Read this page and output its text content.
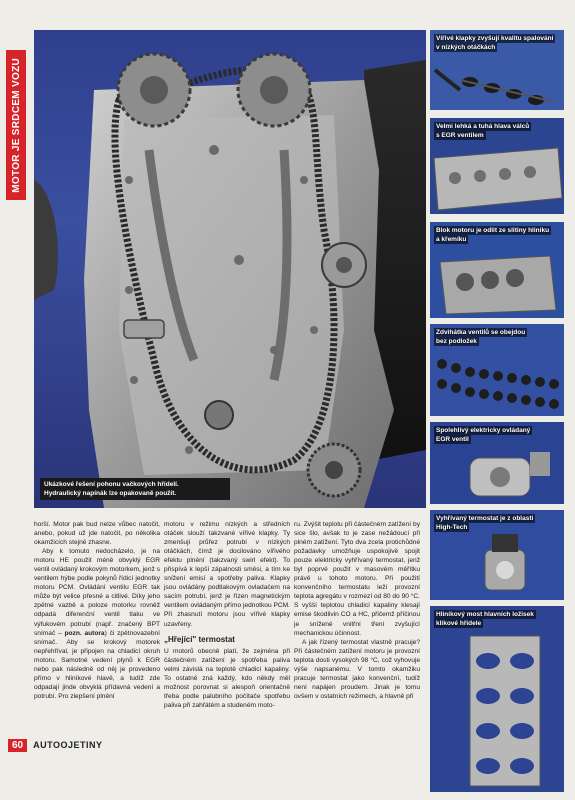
MOTOR JE SRDCEM VOZU
Ukázkové řešení pohonu vačkových hřídelí.
Hydraulický napínák lze opakovaně použít.
Vířivé klapky zvyšují kvalitu spalování
v nízkých otáčkách
Velmi lehká a tuhá hlava válců
s EGR ventilem
Blok motoru je odlit ze slitiny hliníku
a křemíku
Zdvihátka ventilů se obejdou
bez podložek
Spolehlivý elektricky ovládaný
EGR ventil
Vyhřívaný termostat je z oblasti
High-Tech
Hliníkový most hlavních ložisek
klikové hřídele

horší. Motor pak bud nelze vůbec natočit, anebo, pokud už jde natočit, po několika okamžicích stejně zhasne.

Aby k tomuto nedocházelo, je na motoru HE použit méně obvyklý EGR ventil ovládaný krokovým motorkem, jenž s ventilem hýbe podle pokynů řídicí jednotky motoru PCM. Ovládání ventilu EGR tak může být velice přesné a citlivé. Díky jeho zpětné vazbě a poloze motorku rovněž odpadá diferenční ventil tlaku ve výfukovém potrubí (např. značený BPT snímač – pozn. autora) či zpětnovazební snímač. Aby se krokový motorek nepřehříval, je připojen na chladicí okruh motoru. Samotné vedení plynů k EGR nebo pak následně od něj je provedeno přímo v hliníkové hlavě, a tudíž zde odpadají jinde obvyklá přídavná vedení a potrubí. Pro zlepšení plnění

motoru v režimu nízkých a středních otáček slouží takzvané vířivé klapky. Ty zmenšují průřez potrubí v nízkých otáčkách, čímž je docilováno vířivého efektu plnění (takzvaný swirl efekt). To přispívá k lepší zápalnosti směsi, a tím ke snížení emisí a spotřeby paliva. Klapky jsou ovládány podtlakovým ovladačem na sacím potrubí, jenž je řízen magnetickým ventilem ovládaným přímo jednotkou PCM. Při zhasnutí motoru jsou vířivé klapky uzavřeny.

„Hřející" termostat

U motorů obecně platí, že zejména při částečném zatížení je spotřeba paliva velmi závislá na teplotě chladicí kapaliny. To ostatně zná každý, kdo někdy měl možnost porovnat si alespoň orientačně třeba podle palubního počítače spotřebu paliva při zahřátém a studeném moto-

ru. Zvýšit teplotu při částečném zatížení by sice šlo, avšak to je zase nežádoucí při plném zatížení. Tyto dva zcela protichůdné požadavky umožňuje uspokojivě spojit pouze elektricky vyhřívaný termostat, jenž byl poprvé použit v masovém měřítku právě u tohoto motoru. Při použití konvenčního termostatu leží provozní teplota agregátu v rozmezí od 80 do 90 °C. S vyšší teplotou chladicí kapaliny klesají emise škodlivin CO a HC, přičemž příčinou je snížené vnitřní tření zvyšující mechanickou účinnost.

A jak řízený termostat vlastně pracuje? Při částečném zatížení motoru je provozní teplota dosti vysokých 98 °C, což vyhovuje výše napsanému. V tomto okamžiku pracuje termostat jako konvenční, tudíž není napájen proudem. Jinak je tomu ovšem v ostatních režimech, a hlavně při

60	AUTOOJETINY
